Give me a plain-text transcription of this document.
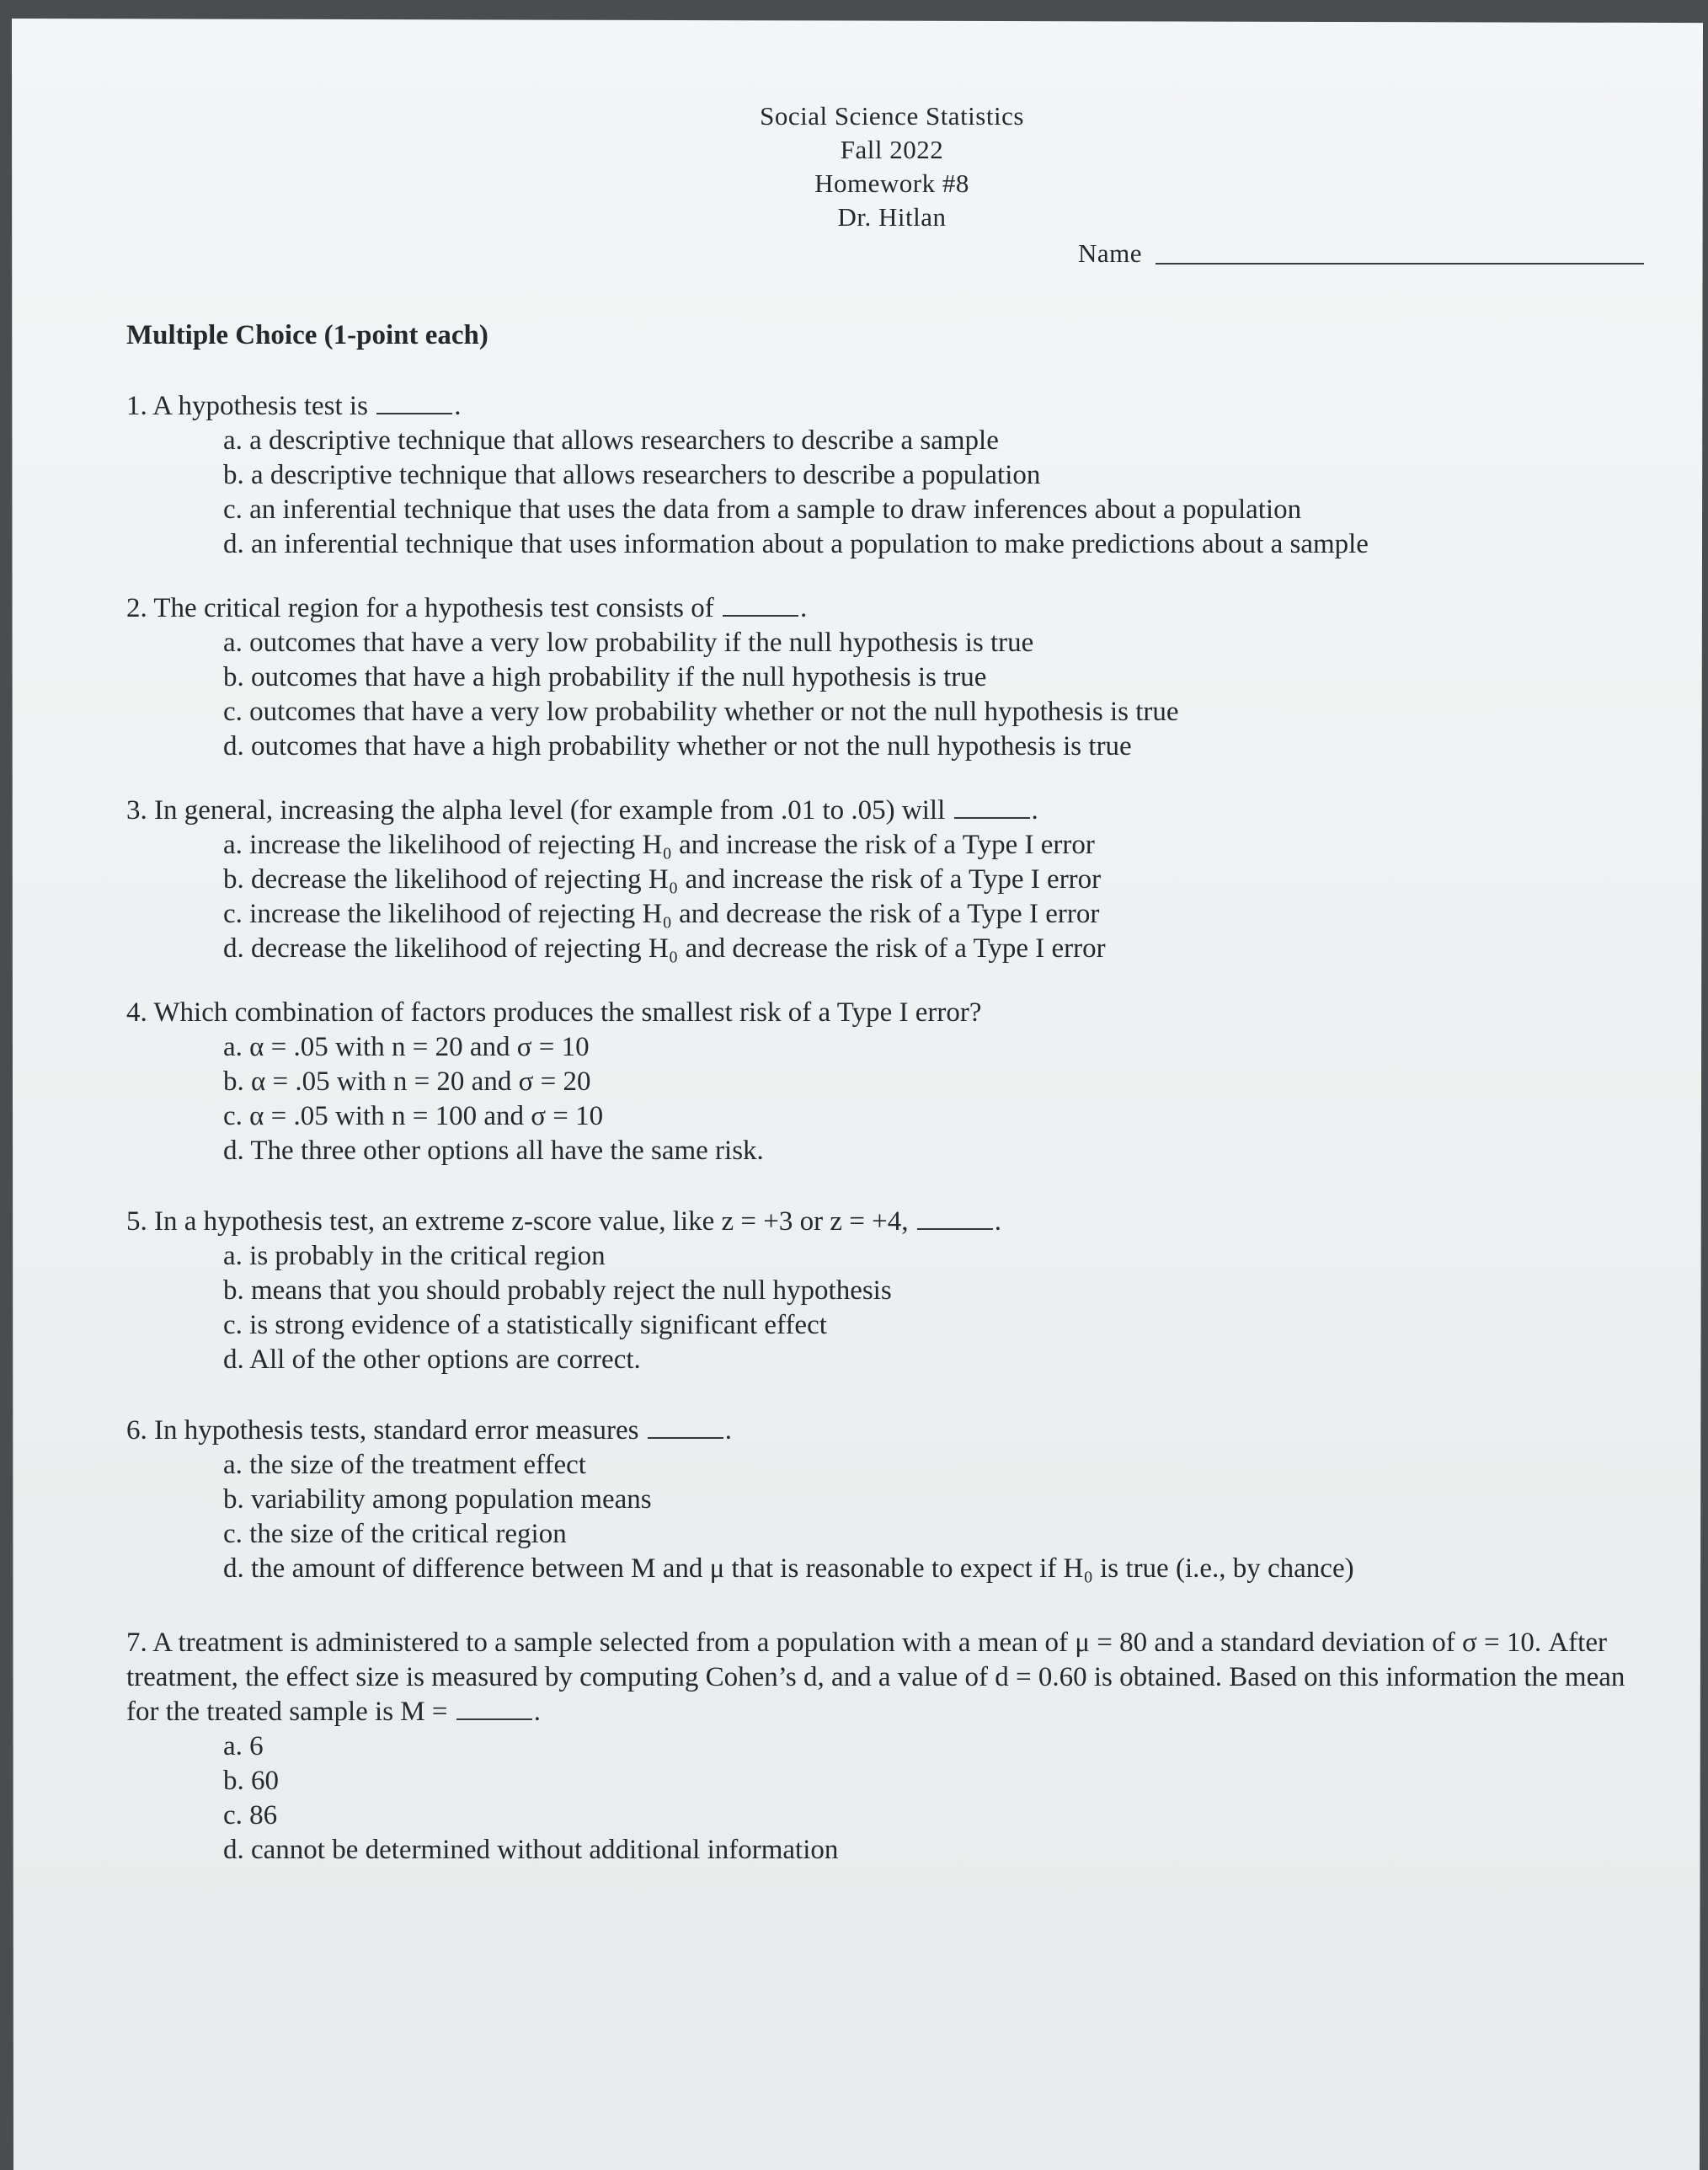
Social Science Statistics
Fall 2022
Homework #8
Dr. Hitlan
Name
Multiple Choice (1-point each)
1. A hypothesis test is	.
a. a descriptive technique that allows researchers to describe a sample
b. a descriptive technique that allows researchers to describe a population
c. an inferential technique that uses the data from a sample to draw inferences about a population
d. an inferential technique that uses information about a population to make predictions about a sample
2. The critical region for a hypothesis test consists of	.
a. outcomes that have a very low probability if the null hypothesis is true
b. outcomes that have a high probability if the null hypothesis is true
c. outcomes that have a very low probability whether or not the null hypothesis is true
d. outcomes that have a high probability whether or not the null hypothesis is true
3. In general, increasing the alpha level (for example from .01 to .05) will	.
a. increase the likelihood of rejecting H₀ and increase the risk of a Type I error
b. decrease the likelihood of rejecting H₀ and increase the risk of a Type I error
c. increase the likelihood of rejecting H₀ and decrease the risk of a Type I error
d. decrease the likelihood of rejecting H₀ and decrease the risk of a Type I error
4. Which combination of factors produces the smallest risk of a Type I error?
a. α = .05 with n = 20 and σ = 10
b. α = .05 with n = 20 and σ = 20
c. α = .05 with n = 100 and σ = 10
d. The three other options all have the same risk.
5. In a hypothesis test, an extreme z-score value, like z = +3 or z = +4,	.
a. is probably in the critical region
b. means that you should probably reject the null hypothesis
c. is strong evidence of a statistically significant effect
d. All of the other options are correct.
6. In hypothesis tests, standard error measures	.
a. the size of the treatment effect
b. variability among population means
c. the size of the critical region
d. the amount of difference between M and μ that is reasonable to expect if H₀ is true (i.e., by chance)
7. A treatment is administered to a sample selected from a population with a mean of μ = 80 and a standard deviation of σ = 10. After treatment, the effect size is measured by computing Cohen’s d, and a value of d = 0.60 is obtained. Based on this information the mean for the treated sample is M =	.
a. 6
b. 60
c. 86
d. cannot be determined without additional information
